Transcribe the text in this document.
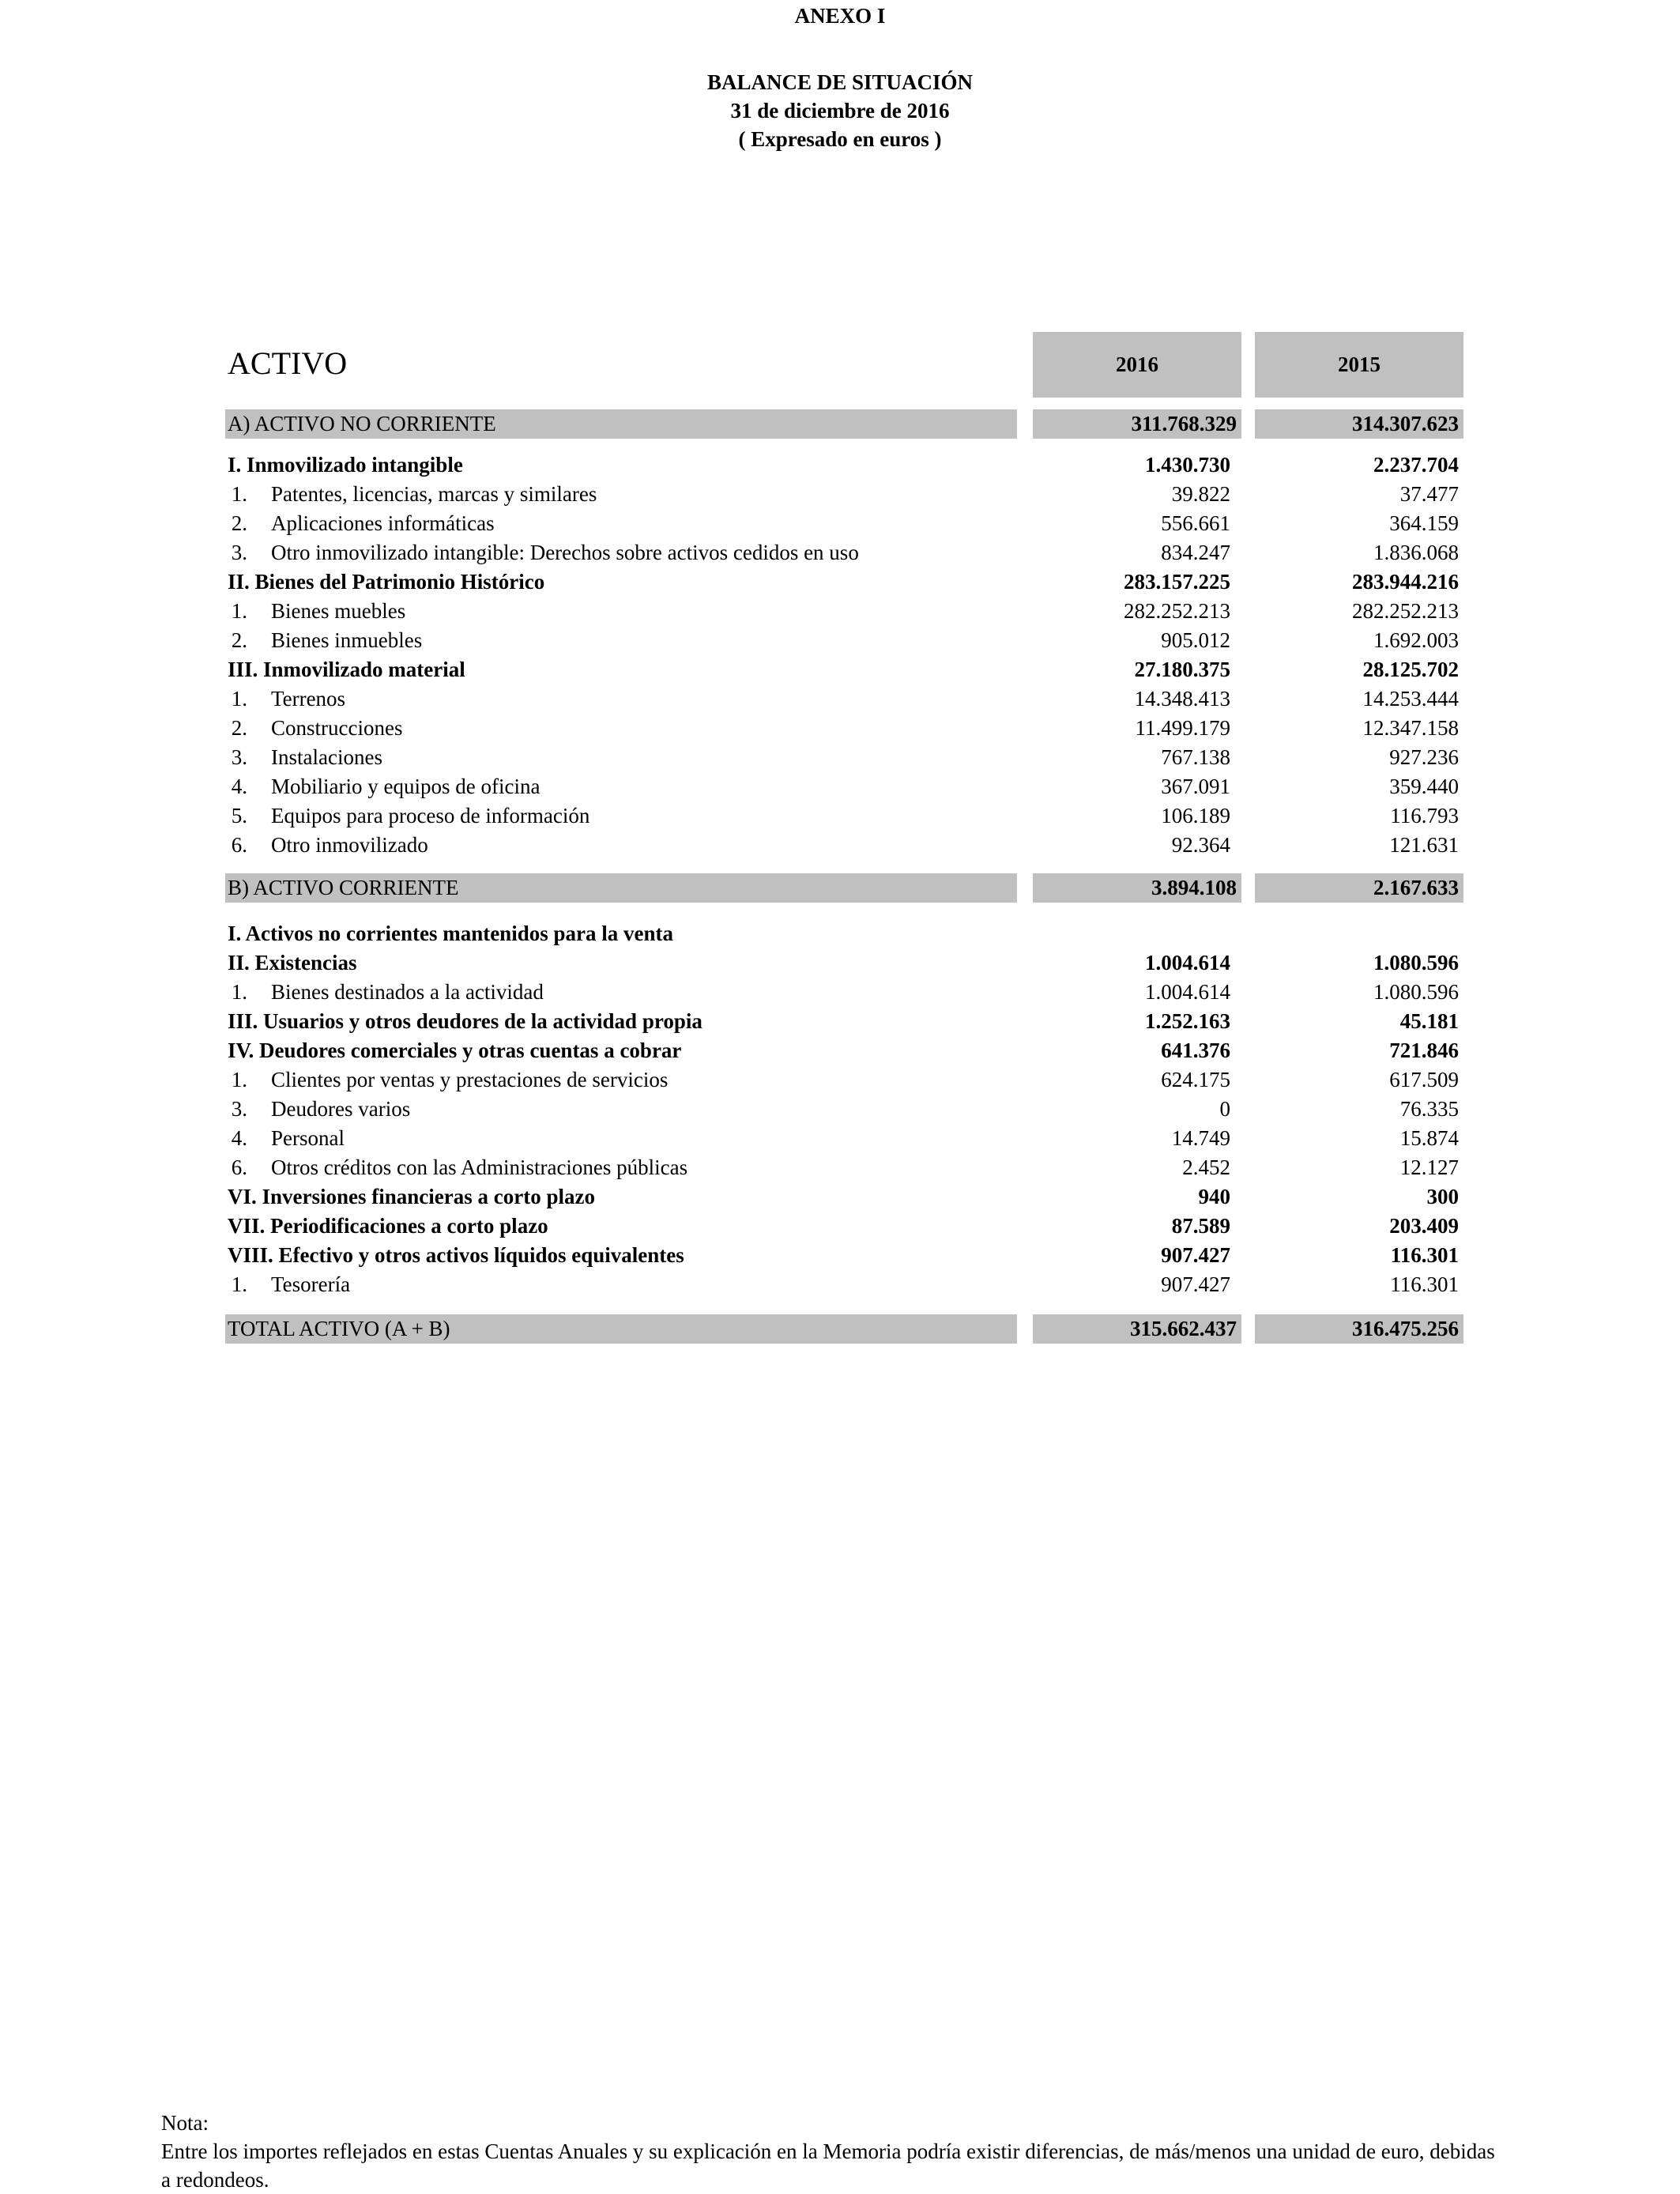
ANEXO I
BALANCE DE SITUACIÓN
31 de diciembre de 2016
( Expresado en euros )
ACTIVO	2016	2015
A) ACTIVO NO CORRIENTE	311.768.329	314.307.623
I. Inmovilizado intangible	1.430.730	2.237.704
1. Patentes, licencias, marcas y similares	39.822	37.477
2. Aplicaciones informáticas	556.661	364.159
3. Otro inmovilizado intangible: Derechos sobre activos cedidos en uso	834.247	1.836.068
II. Bienes del Patrimonio Histórico	283.157.225	283.944.216
1. Bienes muebles	282.252.213	282.252.213
2. Bienes inmuebles	905.012	1.692.003
III. Inmovilizado material	27.180.375	28.125.702
1. Terrenos	14.348.413	14.253.444
2. Construcciones	11.499.179	12.347.158
3. Instalaciones	767.138	927.236
4. Mobiliario y equipos de oficina	367.091	359.440
5. Equipos para proceso de información	106.189	116.793
6. Otro inmovilizado	92.364	121.631
B) ACTIVO CORRIENTE	3.894.108	2.167.633
I. Activos no corrientes mantenidos para la venta
II. Existencias	1.004.614	1.080.596
1. Bienes destinados a la actividad	1.004.614	1.080.596
III. Usuarios y otros deudores de la actividad propia	1.252.163	45.181
IV. Deudores comerciales y otras cuentas a cobrar	641.376	721.846
1. Clientes por ventas y prestaciones de servicios	624.175	617.509
3. Deudores varios	0	76.335
4. Personal	14.749	15.874
6. Otros créditos con las Administraciones públicas	2.452	12.127
VI. Inversiones financieras a corto plazo	940	300
VII. Periodificaciones a corto plazo	87.589	203.409
VIII. Efectivo y otros activos líquidos equivalentes	907.427	116.301
1. Tesorería	907.427	116.301
TOTAL ACTIVO (A + B)	315.662.437	316.475.256
Nota:
Entre los importes reflejados en estas Cuentas Anuales y su explicación en la Memoria podría existir diferencias, de más/menos una unidad de euro, debidas a redondeos.
